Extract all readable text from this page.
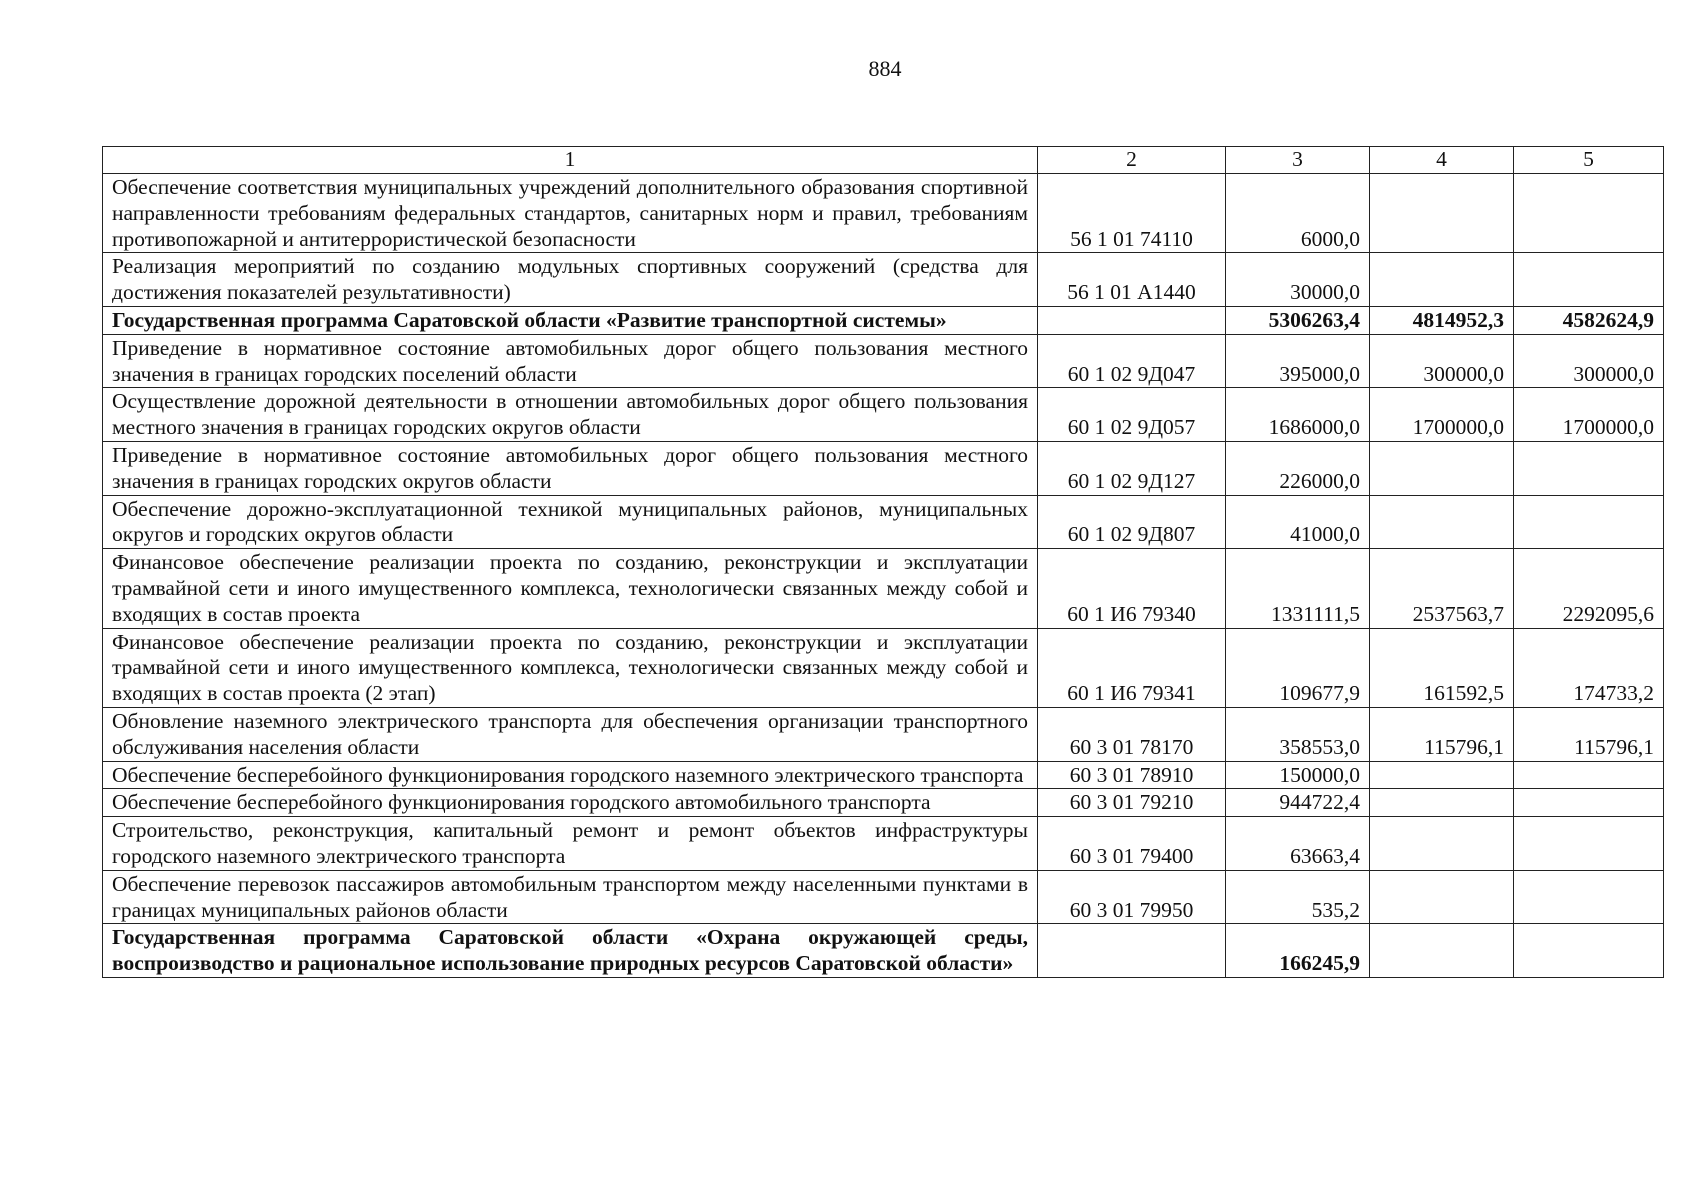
884
1	2	3	4	5
Обеспечение соответствия муниципальных учреждений дополнительного образования спортивной направленности требованиям федеральных стандартов, санитарных норм и правил, требованиям противопожарной и антитеррористической безопасности	56 1 01 74110	6000,0		
Реализация мероприятий по созданию модульных спортивных сооружений (средства для достижения показателей результативности)	56 1 01 А1440	30000,0		
Государственная программа Саратовской области «Развитие транспортной системы»		5306263,4	4814952,3	4582624,9
Приведение в нормативное состояние автомобильных дорог общего пользования местного значения в границах городских поселений области	60 1 02 9Д047	395000,0	300000,0	300000,0
Осуществление дорожной деятельности в отношении автомобильных дорог общего пользования местного значения в границах городских округов области	60 1 02 9Д057	1686000,0	1700000,0	1700000,0
Приведение в нормативное состояние автомобильных дорог общего пользования местного значения в границах городских округов области	60 1 02 9Д127	226000,0		
Обеспечение дорожно-эксплуатационной техникой муниципальных районов, муниципальных округов и городских округов области	60 1 02 9Д807	41000,0		
Финансовое обеспечение реализации проекта по созданию, реконструкции и эксплуатации трамвайной сети и иного имущественного комплекса, технологически связанных между собой и входящих в состав проекта	60 1 И6 79340	1331111,5	2537563,7	2292095,6
Финансовое обеспечение реализации проекта по созданию, реконструкции и эксплуатации трамвайной сети и иного имущественного комплекса, технологически связанных между собой и входящих в состав проекта (2 этап)	60 1 И6 79341	109677,9	161592,5	174733,2
Обновление наземного электрического транспорта для обеспечения организации транспортного обслуживания населения области	60 3 01 78170	358553,0	115796,1	115796,1
Обеспечение бесперебойного функционирования городского наземного электрического транспорта	60 3 01 78910	150000,0		
Обеспечение бесперебойного функционирования городского автомобильного транспорта	60 3 01 79210	944722,4		
Строительство, реконструкция, капитальный ремонт и ремонт объектов инфраструктуры городского наземного электрического транспорта	60 3 01 79400	63663,4		
Обеспечение перевозок пассажиров автомобильным транспортом между населенными пунктами в границах муниципальных районов области	60 3 01 79950	535,2		
Государственная программа Саратовской области «Охрана окружающей среды, воспроизводство и рациональное использование природных ресурсов Саратовской области»		166245,9		
